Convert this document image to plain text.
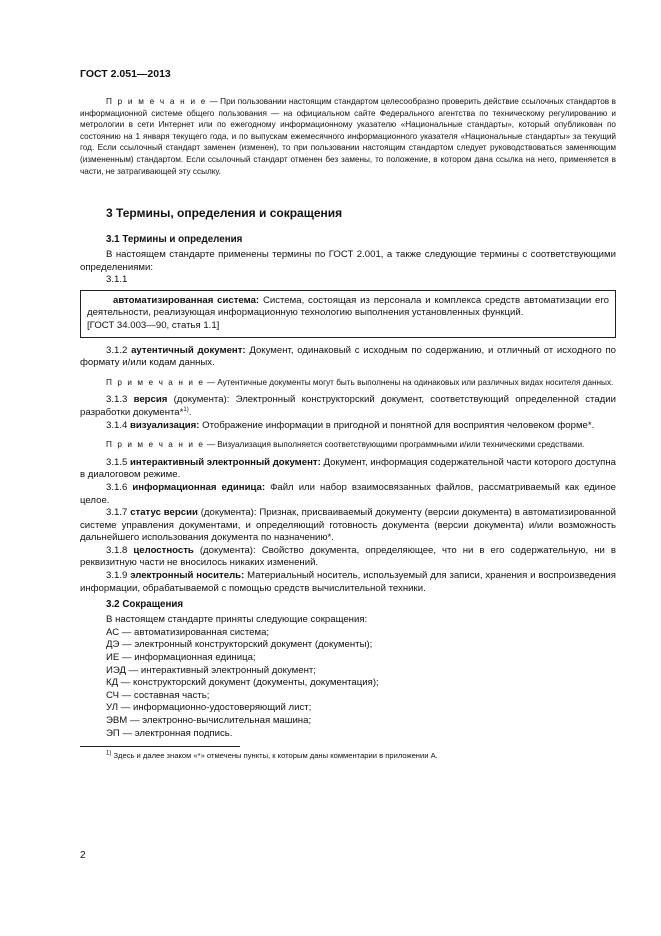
ГОСТ 2.051—2013

П р и м е ч а н и е — При пользовании настоящим стандартом целесообразно проверить действие ссылочных стандартов в информационной системе общего пользования — на официальном сайте Федерального агентства по техническому регулированию и метрологии в сети Интернет или по ежегодному информационному указателю «Национальные стандарты», который опубликован по состоянию на 1 января текущего года, и по выпускам ежемесячного информационного указателя «Национальные стандарты» за текущий год. Если ссылочный стандарт заменен (изменен), то при пользовании настоящим стандартом следует руководствоваться заменяющим (измененным) стандартом. Если ссылочный стандарт отменен без замены, то положение, в котором дана ссылка на него, применяется в части, не затрагивающей эту ссылку.

3 Термины, определения и сокращения

3.1 Термины и определения

В настоящем стандарте применены термины по ГОСТ 2.001, а также следующие термины с соответствующими определениями:

3.1.1

автоматизированная система: Система, состоящая из персонала и комплекса средств автоматизации его деятельности, реализующая информационную технологию выполнения установленных функций.

[ГОСТ 34.003—90, статья 1.1]

3.1.2 аутентичный документ: Документ, одинаковый с исходным по содержанию, и отличный от исходного по формату и/или кодам данных.

П р и м е ч а н и е — Аутентичные документы могут быть выполнены на одинаковых или различных видах носителя данных.

3.1.3 версия (документа): Электронный конструкторский документ, соответствующий определенной стадии разработки документа*$^{1)}$.

3.1.4 визуализация: Отображение информации в пригодной и понятной для восприятия человеком форме*.

П р и м е ч а н и е — Визуализация выполняется соответствующими программными и/или техническими средствами.

3.1.5 интерактивный электронный документ: Документ, информация содержательной части которого доступна в диалоговом режиме.

3.1.6 информационная единица: Файл или набор взаимосвязанных файлов, рассматриваемый как единое целое.

3.1.7 статус версии (документа): Признак, присваиваемый документу (версии документа) в автоматизированной системе управления документами, и определяющий готовность документа (версии документа) и/или возможность дальнейшего использования документа по назначению*.

3.1.8 целостность (документа): Свойство документа, определяющее, что ни в его содержательную, ни в реквизитную части не вносилось никаких изменений.

3.1.9 электронный носитель: Материальный носитель, используемый для записи, хранения и воспроизведения информации, обрабатываемой с помощью средств вычислительной техники.

3.2 Сокращения

В настоящем стандарте приняты следующие сокращения:

АС — автоматизированная система;

ДЭ — электронный конструкторский документ (документы);

ИЕ — информационная единица;

ИЭД — интерактивный электронный документ;

КД — конструкторский документ (документы, документация);

СЧ — составная часть;

УЛ — информационно-удостоверяющий лист;

ЭВМ — электронно-вычислительная машина;

ЭП — электронная подпись.

$^{1)}$ Здесь и далее знаком «*» отмечены пункты, к которым даны комментарии в приложении А.

2
